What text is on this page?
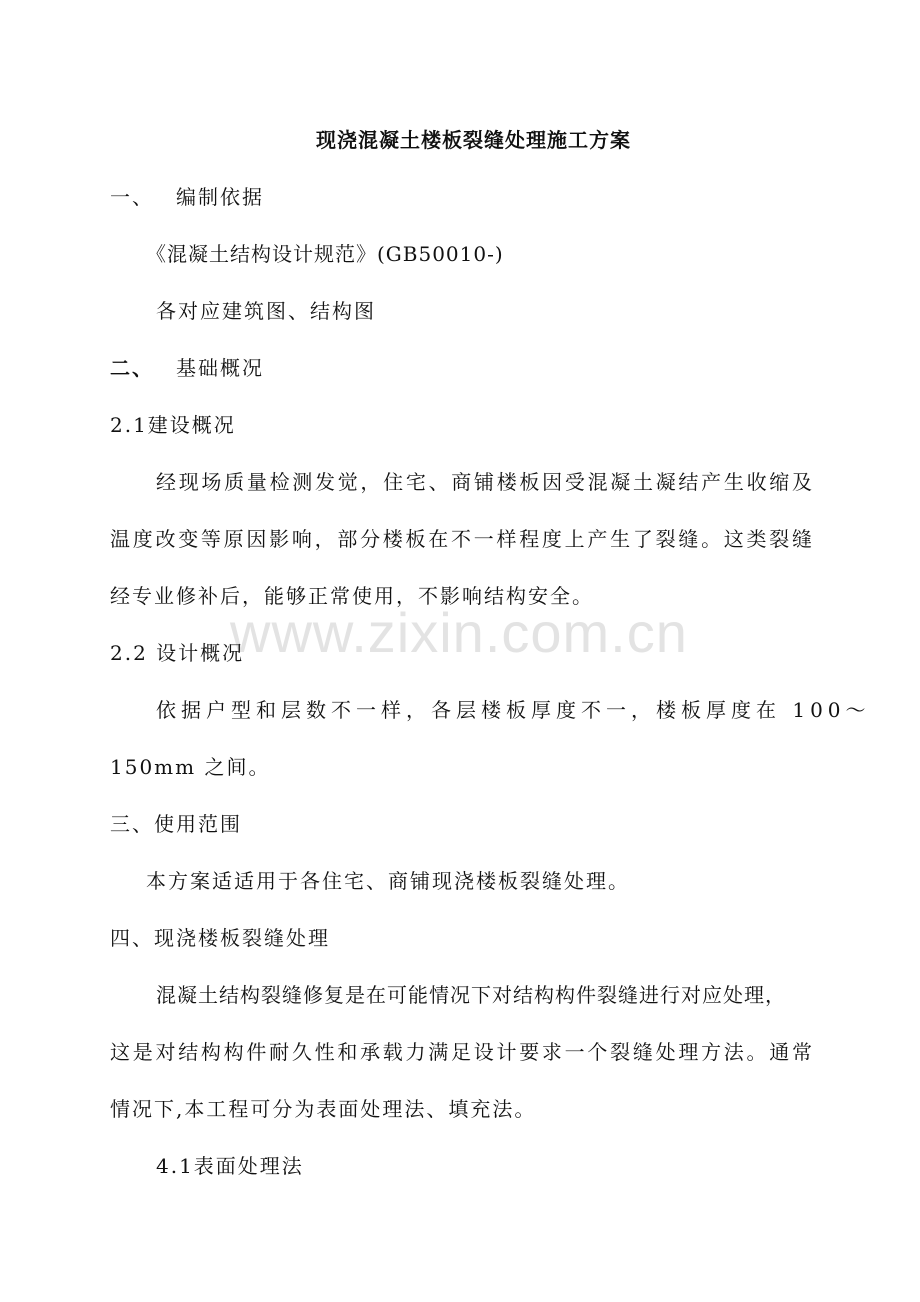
www.zixin.com.cn
现浇混凝土楼板裂缝处理施工方案
一、 编制依据
《混凝土结构设计规范》(GB50010-)
各对应建筑图、结构图
二、 基础概况
2.1建设概况
经现场质量检测发觉，住宅、商铺楼板因受混凝土凝结产生收缩及
温度改变等原因影响，部分楼板在不一样程度上产生了裂缝。这类裂缝
经专业修补后，能够正常使用，不影响结构安全。
2.2 设计概况
依据户型和层数不一样，各层楼板厚度不一，楼板厚度在 100～
150mm 之间。
三、使用范围
本方案适适用于各住宅、商铺现浇楼板裂缝处理。
四、现浇楼板裂缝处理
混凝土结构裂缝修复是在可能情况下对结构构件裂缝进行对应处理，
这是对结构构件耐久性和承载力满足设计要求一个裂缝处理方法。通常
情况下,本工程可分为表面处理法、填充法。
4.1表面处理法
